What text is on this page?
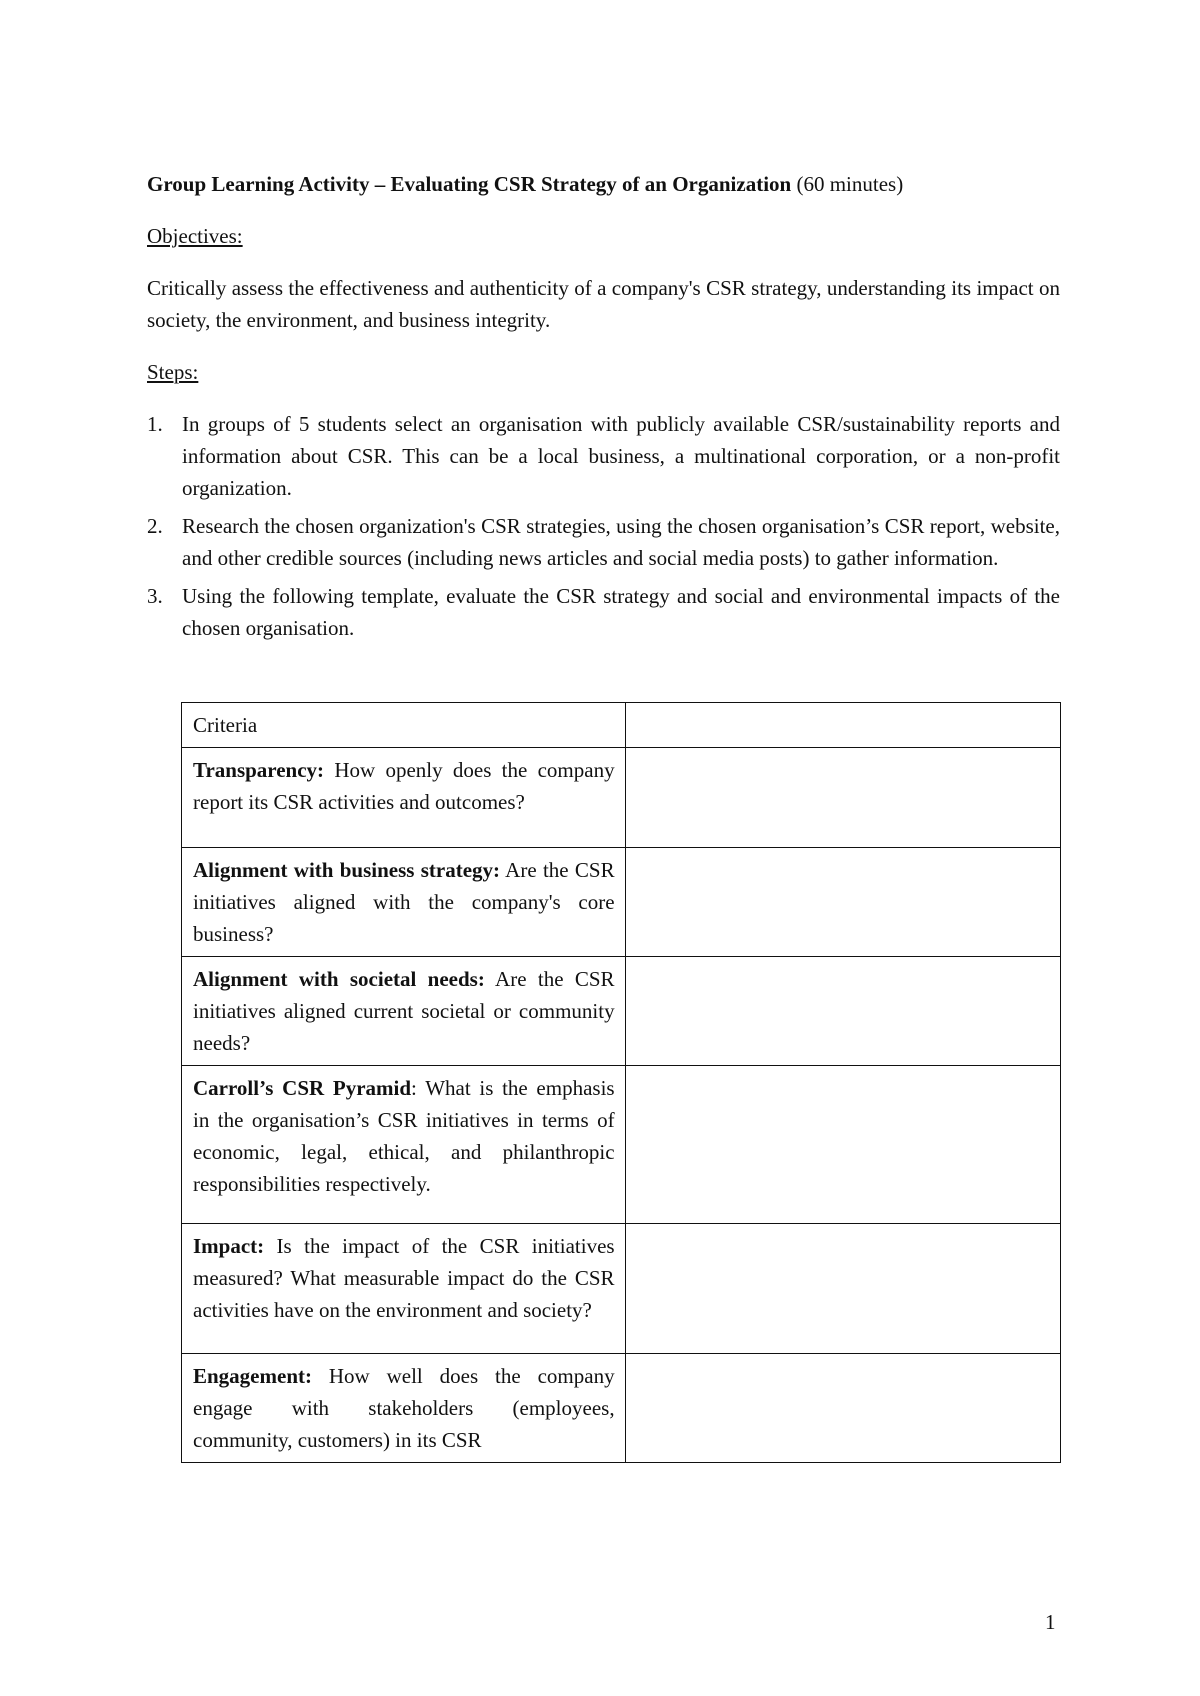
Group Learning Activity – Evaluating CSR Strategy of an Organization (60 minutes)

Objectives:

Critically assess the effectiveness and authenticity of a company's CSR strategy, understanding its impact on society, the environment, and business integrity.

Steps:

1. In groups of 5 students select an organisation with publicly available CSR/sustainability reports and information about CSR. This can be a local business, a multinational corporation, or a non-profit organization.
2. Research the chosen organization's CSR strategies, using the chosen organisation’s CSR report, website, and other credible sources (including news articles and social media posts) to gather information.
3. Using the following template, evaluate the CSR strategy and social and environmental impacts of the chosen organisation.
Criteria	
Transparency: How openly does the company report its CSR activities and outcomes?	
Alignment with business strategy: Are the CSR initiatives aligned with the company's core business?	
Alignment with societal needs: Are the CSR initiatives aligned current societal or community needs?	
Carroll’s CSR Pyramid: What is the emphasis in the organisation’s CSR initiatives in terms of economic, legal, ethical, and philanthropic responsibilities respectively.	
Impact: Is the impact of the CSR initiatives measured? What measurable impact do the CSR activities have on the environment and society?	
Engagement: How well does the company engage with stakeholders (employees, community, customers) in its CSR	
1
